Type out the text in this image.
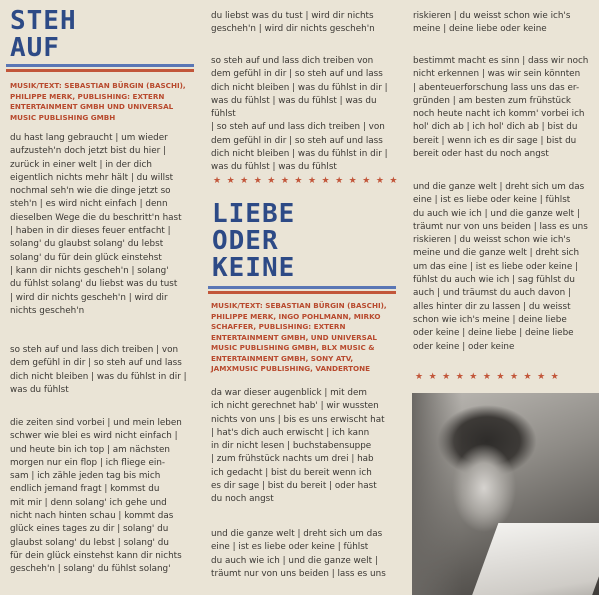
STEH
AUF
MUSIK/TEXT: SEBASTIAN BÜRGIN (BASCHI), PHILIPPE MERK, PUBLISHING: EXTERN ENTERTAINMENT GMBH UND UNIVERSAL MUSIC PUBLISHING GMBH

du hast lang gebraucht | um wieder
aufzusteh'n doch jetzt bist du hier |
zurück in einer welt | in der dich
eigentlich nichts mehr hält | du willst
nochmal seh'n wie die dinge jetzt so
steh'n | es wird nicht einfach | denn
dieselben Wege die du beschritt'n hast
| haben in dir dieses feuer entfacht |
solang' du glaubst solang' du lebst
solang' du für dein glück einstehst
| kann dir nichts gescheh'n | solang'
du fühlst solang' du liebst was du tust
| wird dir nichts gescheh'n | wird dir
nichts gescheh'n

so steh auf und lass dich treiben | von
dem gefühl in dir | so steh auf und lass
dich nicht bleiben | was du fühlst in dir |
was du fühlst

die zeiten sind vorbei | und mein leben
schwer wie blei es wird nicht einfach |
und heute bin ich top | am nächsten
morgen nur ein flop | ich fliege ein-
sam | ich zähle jeden tag bis mich
endlich jemand fragt | kommst du
mit mir | denn solang' ich gehe und
nicht nach hinten schau | kommt das
glück eines tages zu dir | solang' du
glaubst solang' du lebst | solang' du
für dein glück einstehst kann dir nichts
gescheh'n | solang' du fühlst solang'

du liebst was du tust | wird dir nichts
gescheh'n | wird dir nichts gescheh'n

so steh auf und lass dich treiben von
dem gefühl in dir | so steh auf und lass
dich nicht bleiben | was du fühlst in dir |
was du fühlst | was du fühlst | was du fühlst
| so steh auf und lass dich treiben | von
dem gefühl in dir | so steh auf und lass
dich nicht bleiben | was du fühlst in dir |
was du fühlst | was du fühlst

★★★★★★★★★★★★★★
LIEBE
ODER
KEINE
MUSIK/TEXT: SEBASTIAN BÜRGIN (BASCHI), PHILIPPE MERK, INGO POHLMANN, MIRKO SCHAFFER, PUBLISHING: EXTERN ENTERTAINMENT GMBH, UND UNIVERSAL MUSIC PUBLISHING GMBH, BLX MUSIC & ENTERTAINMENT GMBH, SONY ATV, JAMXMUSIC PUBLISHING, VANDERTONE

da war dieser augenblick | mit dem
ich nicht gerechnet hab' | wir wussten
nichts von uns | bis es uns erwischt hat
| hat's dich auch erwischt | ich kann
in dir nicht lesen | buchstabensuppe
| zum frühstück nachts um drei | hab
ich gedacht | bist du bereit wenn ich
es dir sage | bist du bereit | oder hast
du noch angst

und die ganze welt | dreht sich um das
eine | ist es liebe oder keine | fühlst
du auch wie ich | und die ganze welt |
träumt nur von uns beiden | lass es uns

riskieren | du weisst schon wie ich's
meine | deine liebe oder keine

bestimmt macht es sinn | dass wir noch
nicht erkennen | was wir sein könnten
| abenteuerforschung lass uns das er-
gründen | am besten zum frühstück
noch heute nacht ich komm' vorbei ich
hol' dich ab | ich hol' dich ab | bist du
bereit | wenn ich es dir sage | bist du
bereit oder hast du noch angst

und die ganze welt | dreht sich um das
eine | ist es liebe oder keine | fühlst
du auch wie ich | und die ganze welt |
träumt nur von uns beiden | lass es uns
riskieren | du weisst schon wie ich's
meine und die ganze welt | dreht sich
um das eine | ist es liebe oder keine |
fühlst du auch wie ich | sag fühlst du
auch | und träumst du auch davon |
alles hinter dir zu lassen | du weisst
schon wie ich's meine | deine liebe
oder keine | deine liebe | deine liebe
oder keine | oder keine

★★★★★★★★★★★
